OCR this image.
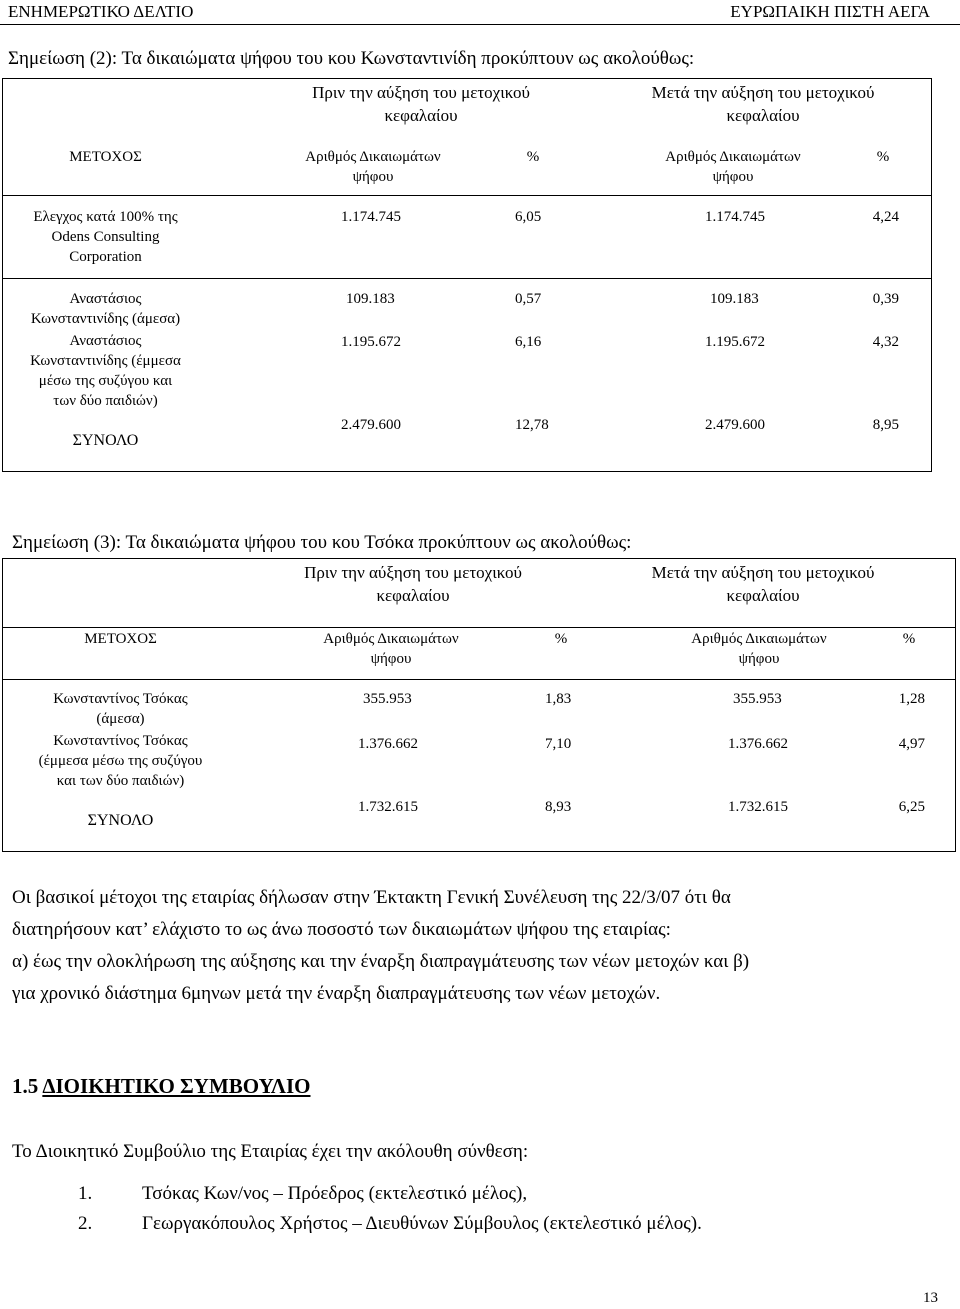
ΕΝΗΜΕΡΩΤΙΚΟ ΔΕΛΤΙΟ	ΕΥΡΩΠΑΙΚΗ ΠΙΣΤΗ ΑΕΓΑ
Σημείωση (2): Τα δικαιώματα ψήφου του κου Κωνσταντινίδη προκύπτουν ως ακολούθως:
Πριν την αύξηση του μετοχικού
κεφαλαίου
Μετά την αύξηση του μετοχικού
κεφαλαίου
ΜΕΤΟΧΟΣ	Αριθμός Δικαιωμάτων
ψήφου
%	Αριθμός Δικαιωμάτων
ψήφου
%
Ελεγχος κατά 100% της
Odens Consulting
Corporation
1.174.745	6,05	1.174.745	4,24
Αναστάσιος
Κωνσταντινίδης (άμεσα)
109.183	0,57	109.183	0,39
Αναστάσιος
Κωνσταντινίδης (έμμεσα
μέσω της συζύγου και
των δύο παιδιών)
1.195.672	6,16	1.195.672	4,32
ΣΥΝΟΛΟ
2.479.600	12,78	2.479.600	8,95
Σημείωση (3): Τα δικαιώματα ψήφου του κου Τσόκα προκύπτουν ως ακολούθως:
Πριν την αύξηση του μετοχικού
κεφαλαίου
Μετά την αύξηση του μετοχικού
κεφαλαίου
ΜΕΤΟΧΟΣ	Αριθμός Δικαιωμάτων
ψήφου
%	Αριθμός Δικαιωμάτων
ψήφου
%
Κωνσταντίνος Τσόκας
(άμεσα)
355.953	1,83	355.953	1,28
Κωνσταντίνος Τσόκας
(έμμεσα μέσω της συζύγου
και των δύο παιδιών)
1.376.662	7,10	1.376.662	4,97
ΣΥΝΟΛΟ
1.732.615	8,93	1.732.615	6,25
Οι βασικοί μέτοχοι της εταιρίας δήλωσαν στην Έκτακτη Γενική Συνέλευση της 22/3/07 ότι θα
διατηρήσουν κατ’ ελάχιστο το ως άνω ποσοστό των δικαιωμάτων ψήφου της εταιρίας:
α) έως την ολοκλήρωση της αύξησης και την έναρξη διαπραγμάτευσης των νέων μετοχών και β)
για χρονικό διάστημα 6μηνων μετά την έναρξη διαπραγμάτευσης των νέων μετοχών.
1.5 ΔΙΟΙΚΗΤΙΚΟ ΣΥΜΒΟΥΛΙΟ
Το Διοικητικό Συμβούλιο της Εταιρίας έχει την ακόλουθη σύνθεση:
1.	Τσόκας Κων/νος – Πρόεδρος (εκτελεστικό μέλος),
2.	Γεωργακόπουλος Χρήστος – Διευθύνων Σύμβουλος (εκτελεστικό μέλος).
13
